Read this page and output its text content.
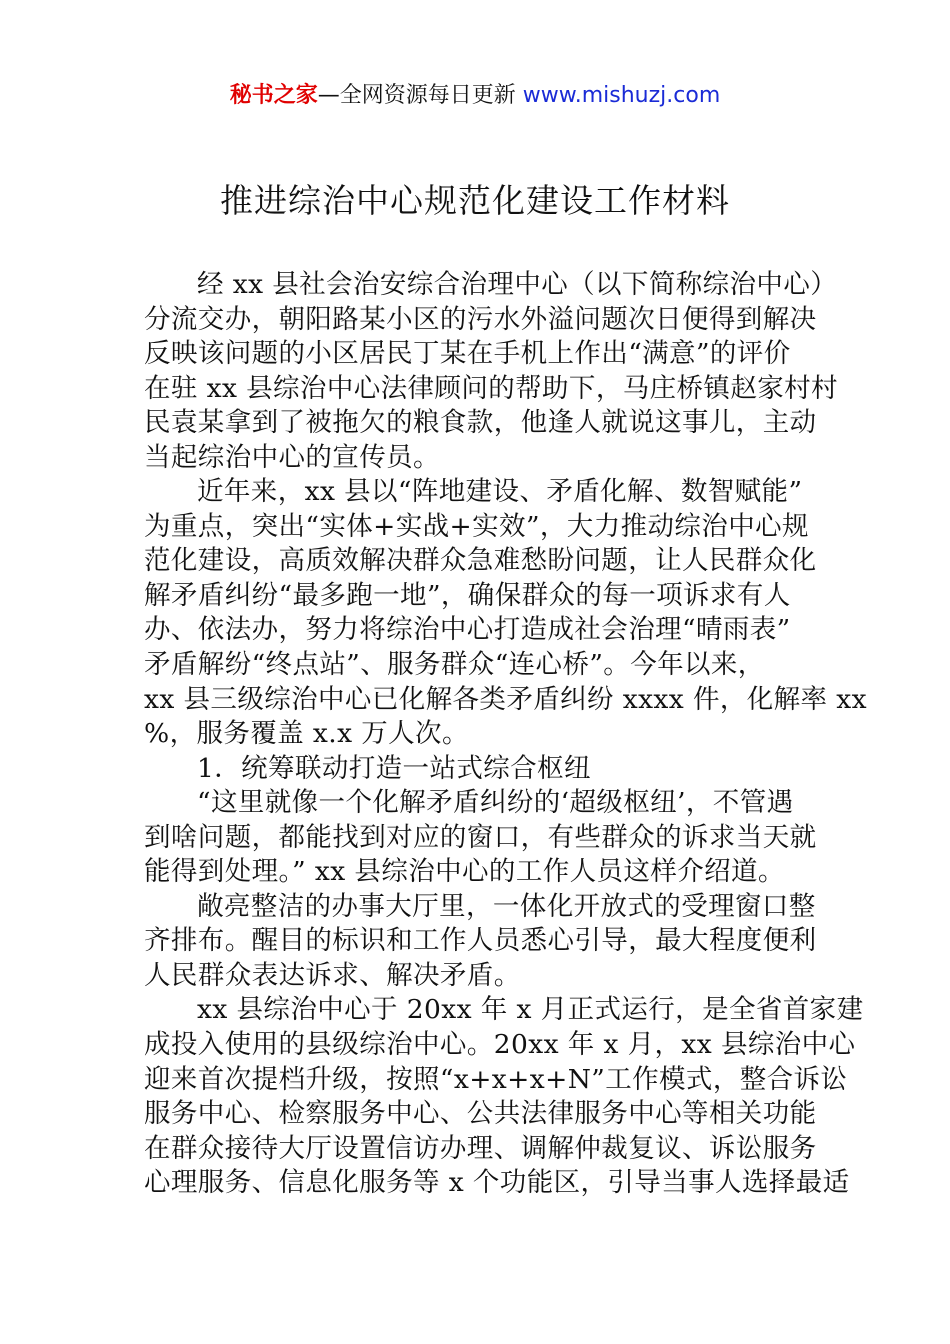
秘书之家—全网资源每日更新 www.mishuzj.com
推进综治中心规范化建设工作材料
经 xx 县社会治安综合治理中心（以下简称综治中心）
分流交办，朝阳路某小区的污水外溢问题次日便得到解决
反映该问题的小区居民丁某在手机上作出“满意”的评价
在驻 xx 县综治中心法律顾问的帮助下，马庄桥镇赵家村村
民袁某拿到了被拖欠的粮食款，他逢人就说这事儿，主动
当起综治中心的宣传员。
近年来，xx 县以“阵地建设、矛盾化解、数智赋能”
为重点，突出“实体+实战+实效”，大力推动综治中心规
范化建设，高质效解决群众急难愁盼问题，让人民群众化
解矛盾纠纷“最多跑一地”，确保群众的每一项诉求有人
办、依法办，努力将综治中心打造成社会治理“晴雨表”
矛盾解纷“终点站”、服务群众“连心桥”。今年以来，
xx 县三级综治中心已化解各类矛盾纠纷 xxxx 件，化解率 xx
%，服务覆盖 x.x 万人次。
1．统筹联动打造一站式综合枢纽
“这里就像一个化解矛盾纠纷的‘超级枢纽’，不管遇
到啥问题，都能找到对应的窗口，有些群众的诉求当天就
能得到处理。” xx 县综治中心的工作人员这样介绍道。
敞亮整洁的办事大厅里，一体化开放式的受理窗口整
齐排布。醒目的标识和工作人员悉心引导，最大程度便利
人民群众表达诉求、解决矛盾。
xx 县综治中心于 20xx 年 x 月正式运行，是全省首家建
成投入使用的县级综治中心。20xx 年 x 月，xx 县综治中心
迎来首次提档升级，按照“x+x+x+N”工作模式，整合诉讼
服务中心、检察服务中心、公共法律服务中心等相关功能
在群众接待大厅设置信访办理、调解仲裁复议、诉讼服务
心理服务、信息化服务等 x 个功能区，引导当事人选择最适
